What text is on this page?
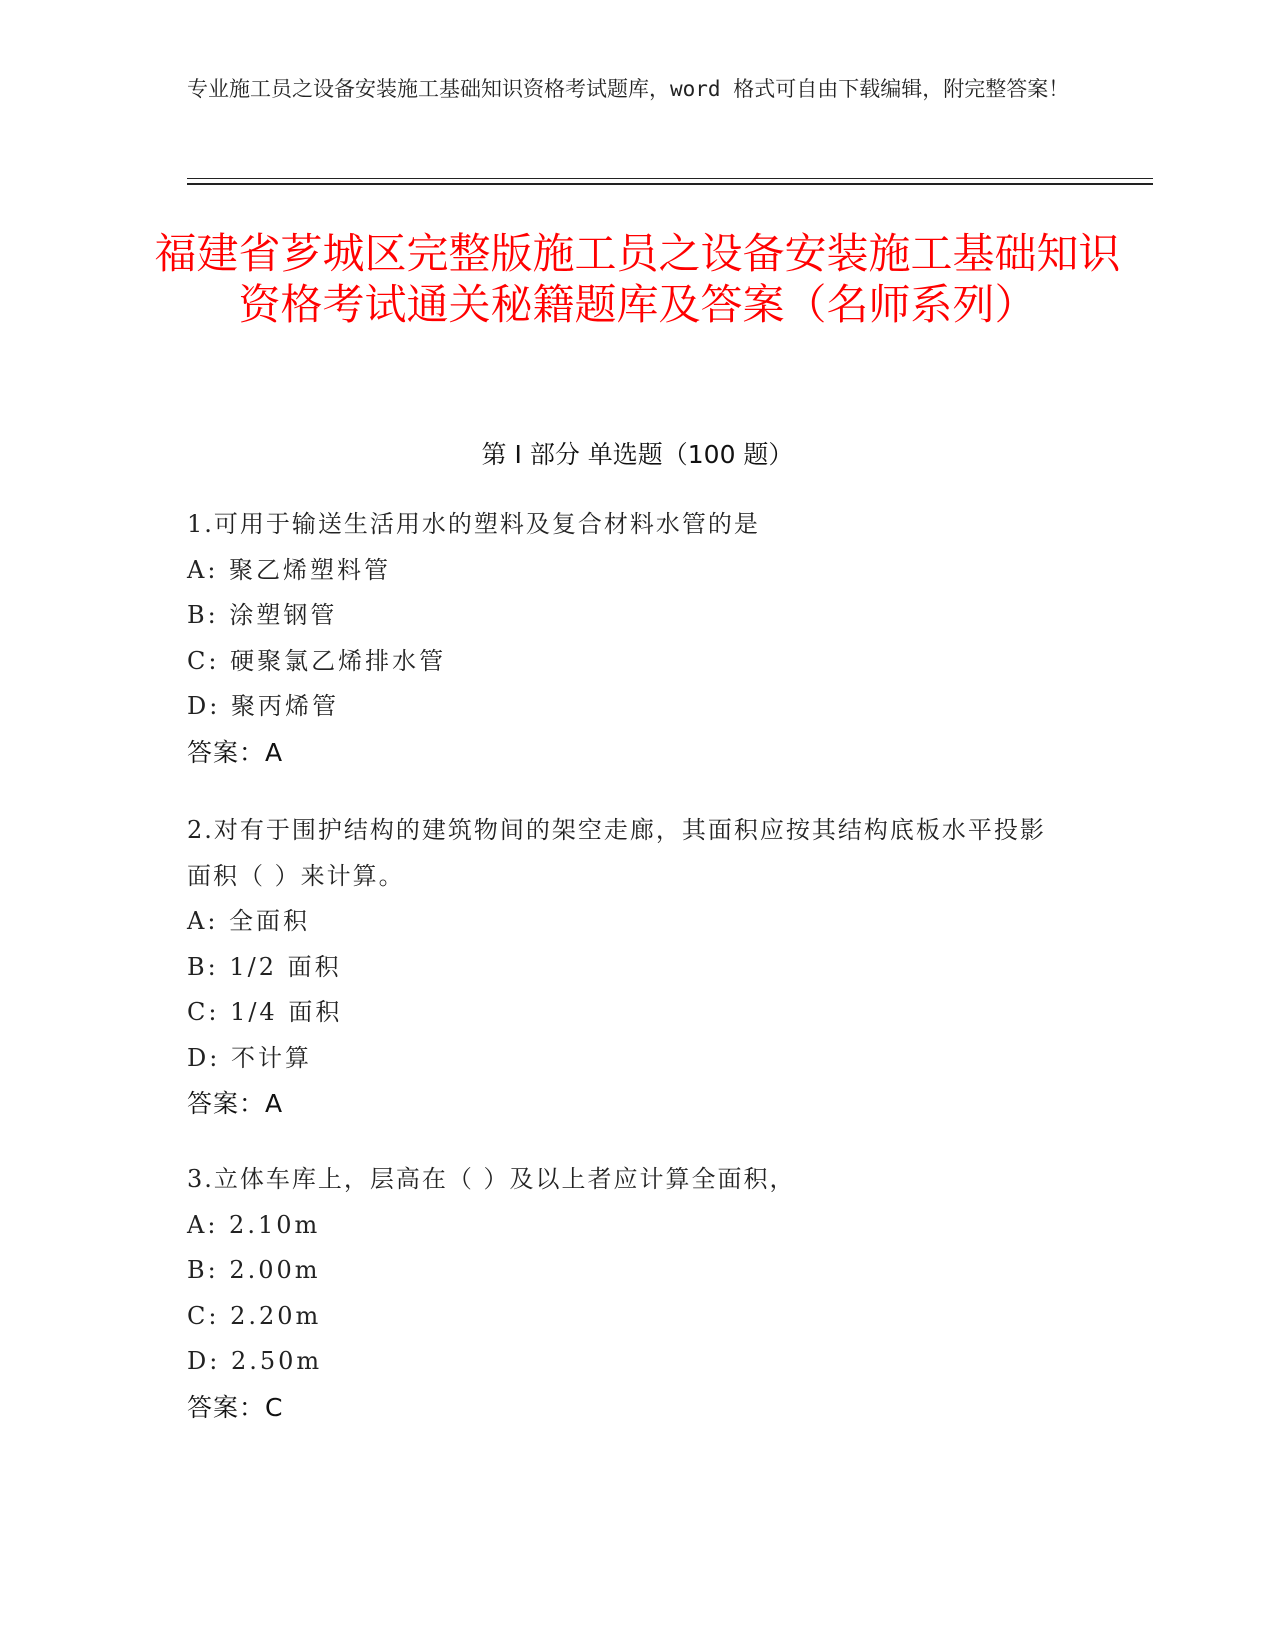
专业施工员之设备安装施工基础知识资格考试题库，word 格式可自由下载编辑，附完整答案！
福建省芗城区完整版施工员之设备安装施工基础知识资格考试通关秘籍题库及答案（名师系列）
第 I 部分 单选题（100 题）
1.可用于输送生活用水的塑料及复合材料水管的是
A: 聚乙烯塑料管
B: 涂塑钢管
C: 硬聚氯乙烯排水管
D: 聚丙烯管
答案：A
2.对有于围护结构的建筑物间的架空走廊，其面积应按其结构底板水平投影面积（ ）来计算。
A: 全面积
B: 1/2 面积
C: 1/4 面积
D: 不计算
答案：A
3.立体车库上，层高在（ ）及以上者应计算全面积，
A: 2.10m
B: 2.00m
C: 2.20m
D: 2.50m
答案：C
